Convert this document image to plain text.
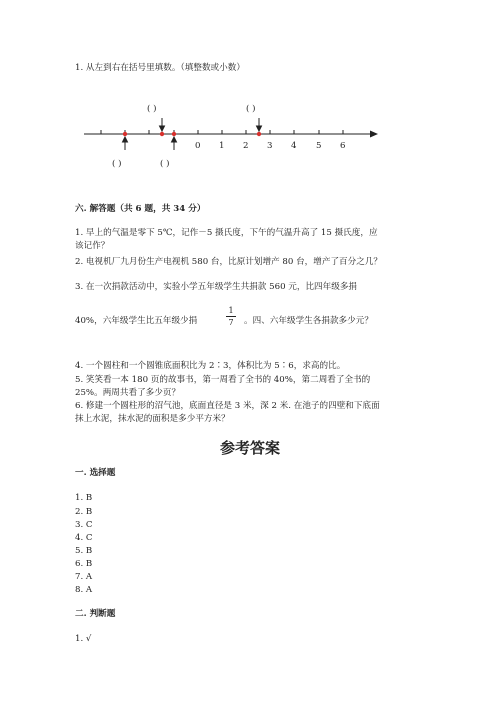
1. 从左到右在括号里填数。（填整数或小数）
0 1 2 3 4 5 6
( )	( )
( )	( )
六. 解答题（共 6 题，共 34 分）
1. 早上的气温是零下 5℃，记作－5 摄氏度，下午的气温升高了 15 摄氏度，应
该记作？
2. 电视机厂九月份生产电视机 580 台，比原计划增产 80 台，增产了百分之几？
3. 在一次捐款活动中，实验小学五年级学生共捐款 560 元，比四年级多捐
40%，六年级学生比五年级少捐
1
7 。四、六年级学生各捐款多少元？
4. 一个圆柱和一个圆锥底面积比为 2∶3，体积比为 5∶6，求高的比。
5. 笑笑看一本 180 页的故事书，第一周看了全书的 40%，第二周看了全书的
25%。两周共看了多少页？
6. 修建一个圆柱形的沼气池，底面直径是 3 米，深 2 米. 在池子的四壁和下底面
抹上水泥，抹水泥的面积是多少平方米？
参考答案
一. 选择题
1. B
2. B
3. C
4. C
5. B
6. B
7. A
8. A
二. 判断题
1. √
